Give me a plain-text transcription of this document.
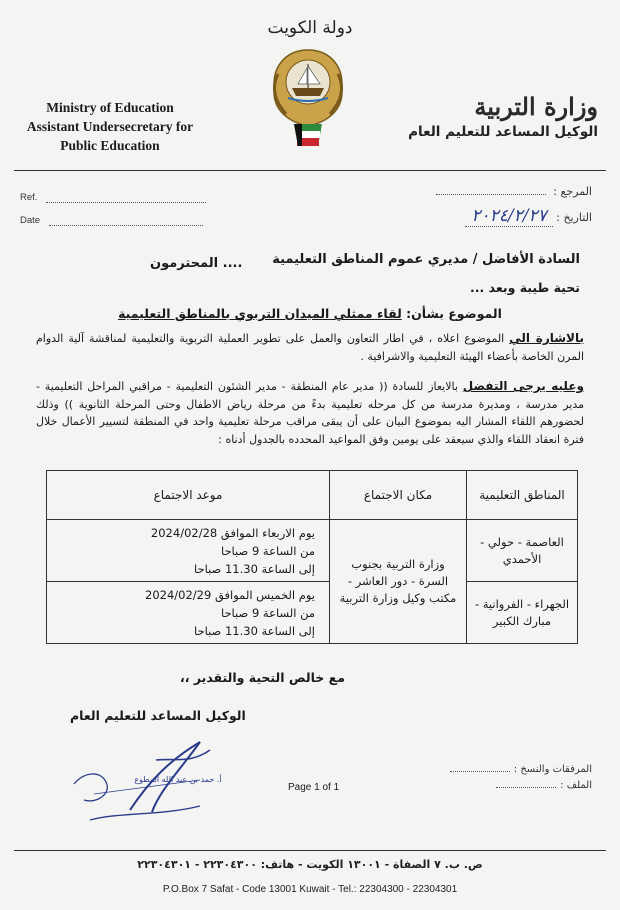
دولة الكويت
Ministry of Education
Assistant Undersecretary for
Public Education
وزارة التربية
الوكيل المساعد للتعليم العام
Ref.
Date
المرجع :
التاريخ : ٢٠٢٤/٢/٢٧
السادة الأفاضل / مديري عموم المناطق التعليمية
.... المحترمون
تحية طيبة وبعد ...
الموضوع بشأن: لقاء ممثلي الميدان التربوي بالمناطق التعليمية
بالاشارة الي الموضوع اعلاه ، في اطار التعاون والعمل على تطوير العملية التربوية والتعليمية لمناقشة آلية الدوام المرن الخاصة بأعضاء الهيئة التعليمية والاشرافية .
وعليه يرجى التفضل بالايعاز للسادة (( مدير عام المنطقة - مدير الشئون التعليمية - مراقبي المراحل التعليمية - مدير مدرسة ، ومديرة مدرسة من كل مرحله تعليمية بدءً من مرحلة رياض الاطفال وحتى المرحلة الثانوية )) وذلك لحضورهم اللقاء المشار اليه بموضوع البيان على أن يبقى مراقب مرحلة تعليمية واحد في المنطقة لتسيير الأعمال خلال فترة انعقاد اللقاء والذي سيعقد على يومين وفق المواعيد المحدده بالجدول أدناه :
المناطق التعليمية	مكان الاجتماع	موعد الاجتماع
العاصمة - حولي - الأحمدي	وزارة التربية بجنوب السرة - دور العاشر - مكتب وكيل وزارة التربية	يوم الاربعاء الموافق 2024/02/28
من الساعة 9 صباحا
إلى الساعة 11.30 صباحا

الجهراء - الفروانية - مبارك الكبير		يوم الخميس الموافق 2024/02/29
من الساعة 9 صباحا
إلى الساعة 11.30 صباحا
مع خالص التحية والتقدير ،،
الوكيل المساعد للتعليم العام
أ. حمد بن عبد الله المطوع
المرفقات والنسخ :
الملف :
Page 1 of 1
ص. ب. ٧ الصفاة - ١٣٠٠١ الكويت - هاتف: ٢٢٣٠٤٣٠٠ - ٢٢٣٠٤٣٠١
P.O.Box 7 Safat - Code 13001 Kuwait - Tel.: 22304300 - 22304301
